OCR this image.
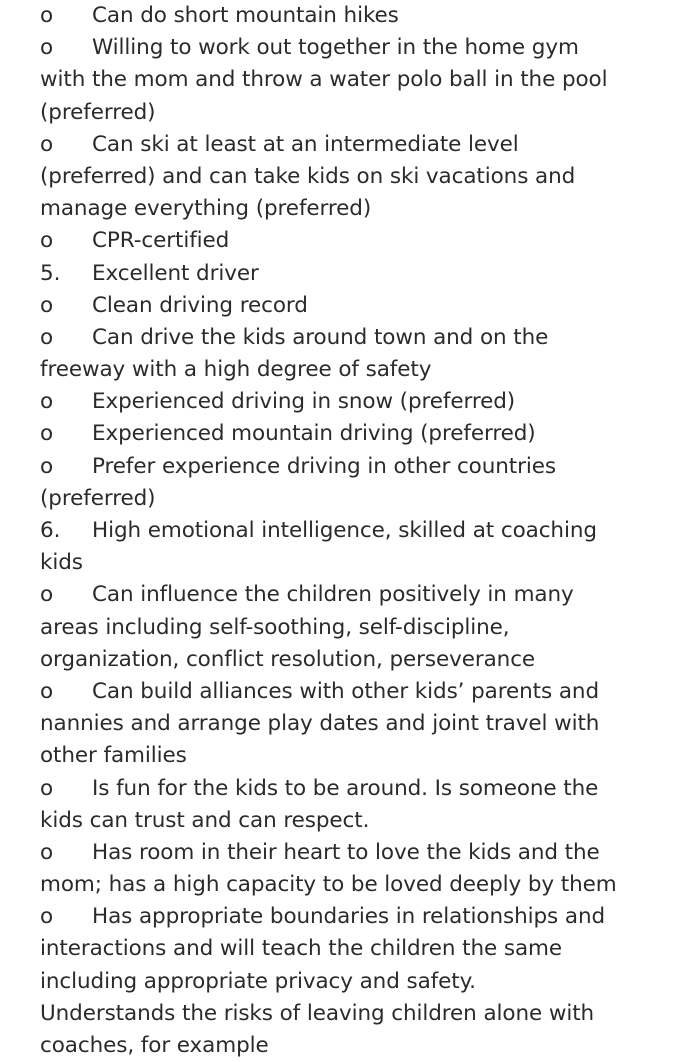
o Can do short mountain hikes
o Willing to work out together in the home gym
with the mom and throw a water polo ball in the pool
(preferred)
o Can ski at least at an intermediate level
(preferred) and can take kids on ski vacations and
manage everything (preferred)
o CPR-certified
5. Excellent driver
o Clean driving record
o Can drive the kids around town and on the
freeway with a high degree of safety
o Experienced driving in snow (preferred)
o Experienced mountain driving (preferred)
o Prefer experience driving in other countries
(preferred)
6. High emotional intelligence, skilled at coaching
kids
o Can influence the children positively in many
areas including self-soothing, self-discipline,
organization, conflict resolution, perseverance
o Can build alliances with other kids’ parents and
nannies and arrange play dates and joint travel with
other families
o Is fun for the kids to be around. Is someone the
kids can trust and can respect.
o Has room in their heart to love the kids and the
mom; has a high capacity to be loved deeply by them
o Has appropriate boundaries in relationships and
interactions and will teach the children the same
including appropriate privacy and safety.
Understands the risks of leaving children alone with
coaches, for example
